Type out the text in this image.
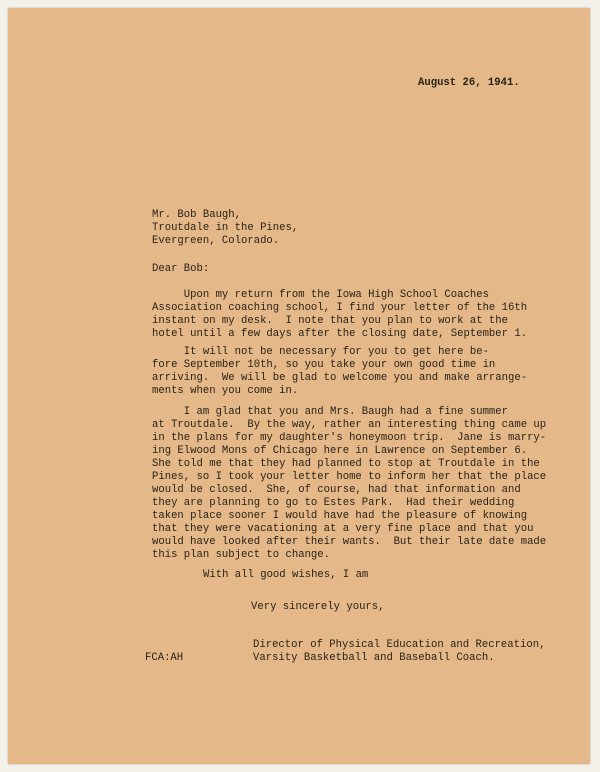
August 26, 1941.
Mr. Bob Baugh,
Troutdale in the Pines,
Evergreen, Colorado.
Dear Bob:
Upon my return from the Iowa High School Coaches
Association coaching school, I find your letter of the 16th
instant on my desk.  I note that you plan to work at the
hotel until a few days after the closing date, September 1.
It will not be necessary for you to get here be-
fore September 10th, so you take your own good time in
arriving.  We will be glad to welcome you and make arrange-
ments when you come in.
I am glad that you and Mrs. Baugh had a fine summer
at Troutdale.  By the way, rather an interesting thing came up
in the plans for my daughter's honeymoon trip.  Jane is marry-
ing Elwood Mons of Chicago here in Lawrence on September 6.
She told me that they had planned to stop at Troutdale in the
Pines, so I took your letter home to inform her that the place
would be closed.  She, of course, had that information and
they are planning to go to Estes Park.  Had their wedding
taken place sooner I would have had the pleasure of knowing
that they were vacationing at a very fine place and that you
would have looked after their wants.  But their late date made
this plan subject to change.
With all good wishes, I am
Very sincerely yours,
Director of Physical Education and Recreation,
Varsity Basketball and Baseball Coach.
FCA:AH
